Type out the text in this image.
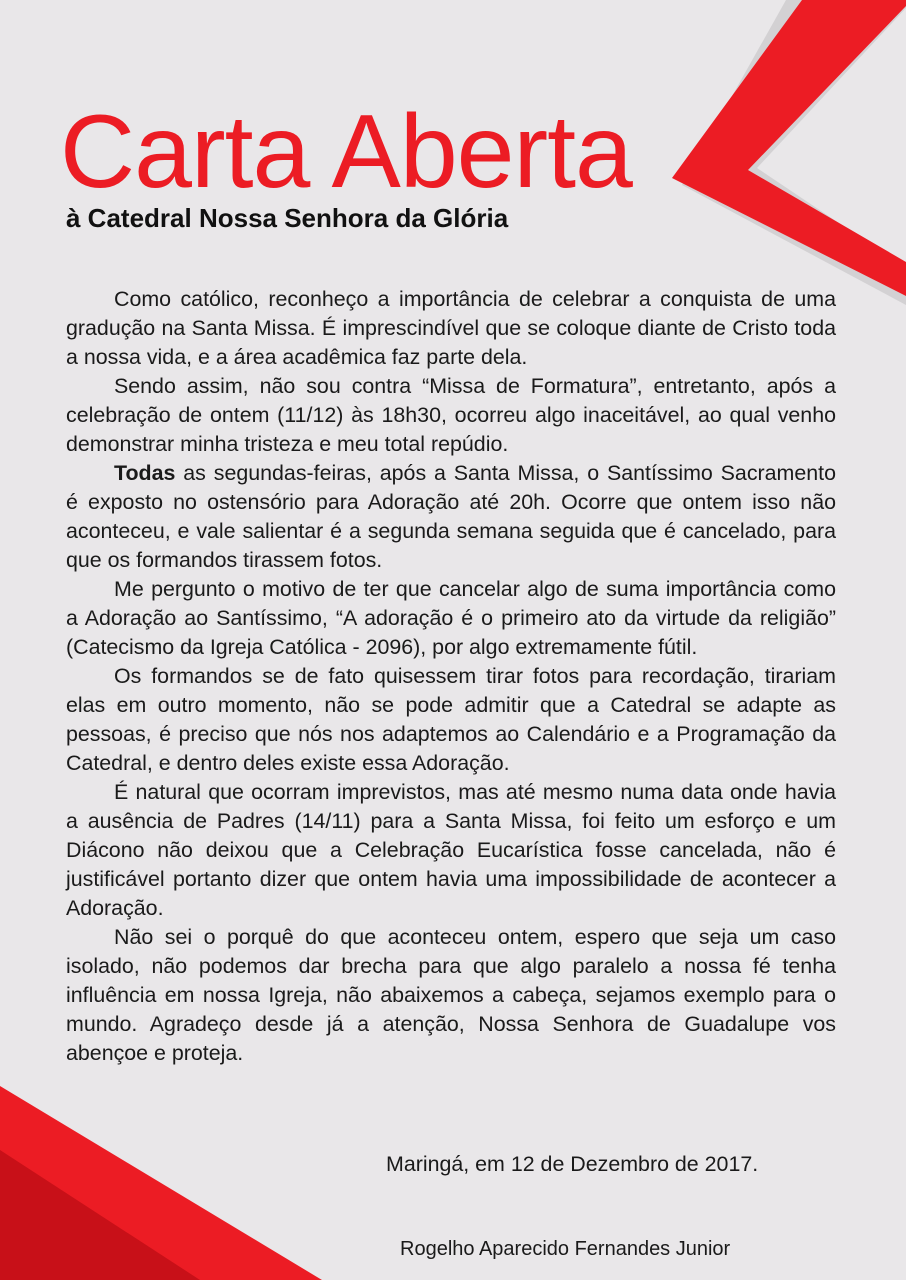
Carta Aberta
à Catedral Nossa Senhora da Glória

Como católico, reconheço a importância de celebrar a conquista de uma gradução na Santa Missa. É imprescindível que se coloque diante de Cristo toda a nossa vida, e a área acadêmica faz parte dela.

Sendo assim, não sou contra “Missa de Formatura”, entretanto, após a celebração de ontem (11/12) às 18h30, ocorreu algo inaceitável, ao qual venho demonstrar minha tristeza e meu total repúdio.

Todas as segundas-feiras, após a Santa Missa, o Santíssimo Sacramento é exposto no ostensório para Adoração até 20h. Ocorre que ontem isso não aconteceu, e vale salientar é a segunda semana seguida que é cancelado, para que os formandos tirassem fotos.

Me pergunto o motivo de ter que cancelar algo de suma importância como a Adoração ao Santíssimo, “A adoração é o primeiro ato da virtude da religião” (Catecismo da Igreja Católica - 2096), por algo extremamente fútil.

Os formandos se de fato quisessem tirar fotos para recordação, tirariam elas em outro momento, não se pode admitir que a Catedral se adapte as pessoas, é preciso que nós nos adaptemos ao Calendário e a Programação da Catedral, e dentro deles existe essa Adoração.

É natural que ocorram imprevistos, mas até mesmo numa data onde havia a ausência de Padres (14/11) para a Santa Missa, foi feito um esforço e um Diácono não deixou que a Celebração Eucarística fosse cancelada, não é justificável portanto dizer que ontem havia uma impossibilidade de acontecer a Adoração.

Não sei o porquê do que aconteceu ontem, espero que seja um caso isolado, não podemos dar brecha para que algo paralelo a nossa fé tenha influência em nossa Igreja, não abaixemos a cabeça, sejamos exemplo para o mundo. Agradeço desde já a atenção, Nossa Senhora de Guadalupe vos abençoe e proteja.

Maringá, em 12 de Dezembro de 2017.
Rogelho Aparecido Fernandes Junior
